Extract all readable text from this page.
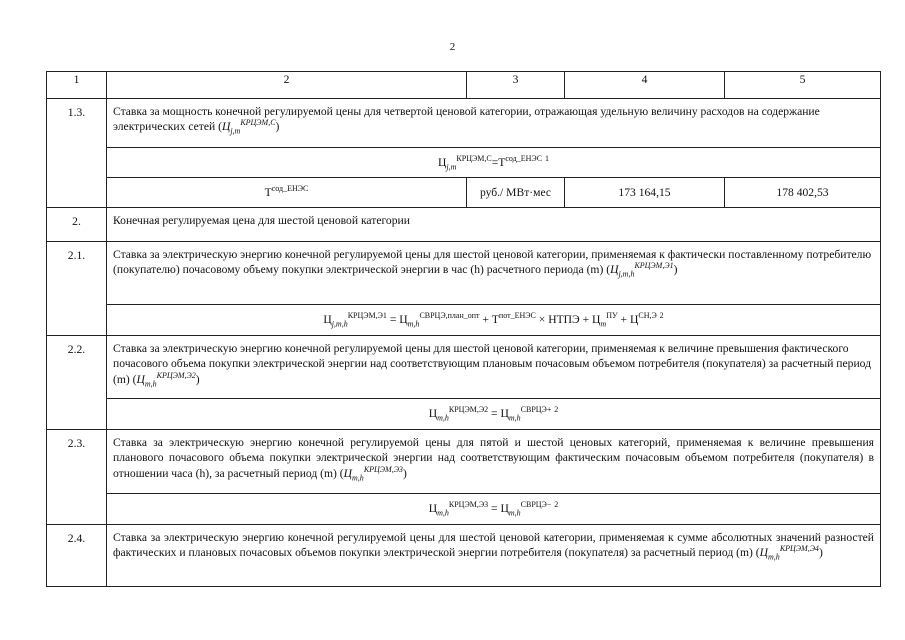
2
1	2	3	4	5
1.3.	Ставка за мощность конечной регулируемой цены для четвертой ценовой категории, отражающая удельную величину расходов на содержание электрических сетей $(Ц_{j,m}^{КРЦЭМ,С})$			
	$Ц_{j,m}^{КРЦЭМ,С}=Т^{сод\_ЕНЭС}$ $^1$
	$Т^{сод\_ЕНЭС}$	руб./ МВт·мес	173 164,15	178 402,53
2.	Конечная регулируемая цена для шестой ценовой категории			
2.1.	Ставка за электрическую энергию конечной регулируемой цены для шестой ценовой категории, применяемая к фактически поставленному потребителю (покупателю) почасовому объему покупки электрической энергии в час (h) расчетного периода (m) $(Ц_{j,m,h}^{КРЦЭМ,Э1})$			
	$Ц_{j,m,h}^{КРЦЭМ,Э1} = Ц_{m,h}^{СВРЦЭ,план\_опт} + Т^{пот\_ЕНЭС}$ × НТПЭ + $Ц_m^{ПУ} + Ц^{СН,Э}$ $^2$
2.2.	Ставка за электрическую энергию конечной регулируемой цены для шестой ценовой категории, применяемая к величине превышения фактического почасового объема покупки электрической энергии над соответствующим плановым почасовым объемом потребителя (покупателя) за расчетный период (m) $(Ц_{m,h}^{КРЦЭМ,Э2})$			
	$Ц_{m,h}^{КРЦЭМ,Э2} = Ц_{m,h}^{СВРЦЭ+}$ $^2$
2.3.	Ставка за электрическую энергию конечной регулируемой цены для пятой и шестой ценовых категорий, применяемая к величине превышения планового почасового объема покупки электрической энергии над соответствующим фактическим почасовым объемом потребителя (покупателя) в отношении часа (h), за расчетный период (m) $(Ц_{m,h}^{КРЦЭМ,Э3})$			
	$Ц_{m,h}^{КРЦЭМ,Э3} = Ц_{m,h}^{СВРЦЭ-}$ $^2$
2.4.	Ставка за электрическую энергию конечной регулируемой цены для шестой ценовой категории, применяемая к сумме абсолютных значений разностей фактических и плановых почасовых объемов покупки электрической энергии потребителя (покупателя) за расчетный период (m) $(Ц_{m,h}^{КРЦЭМ,Э4})$			
